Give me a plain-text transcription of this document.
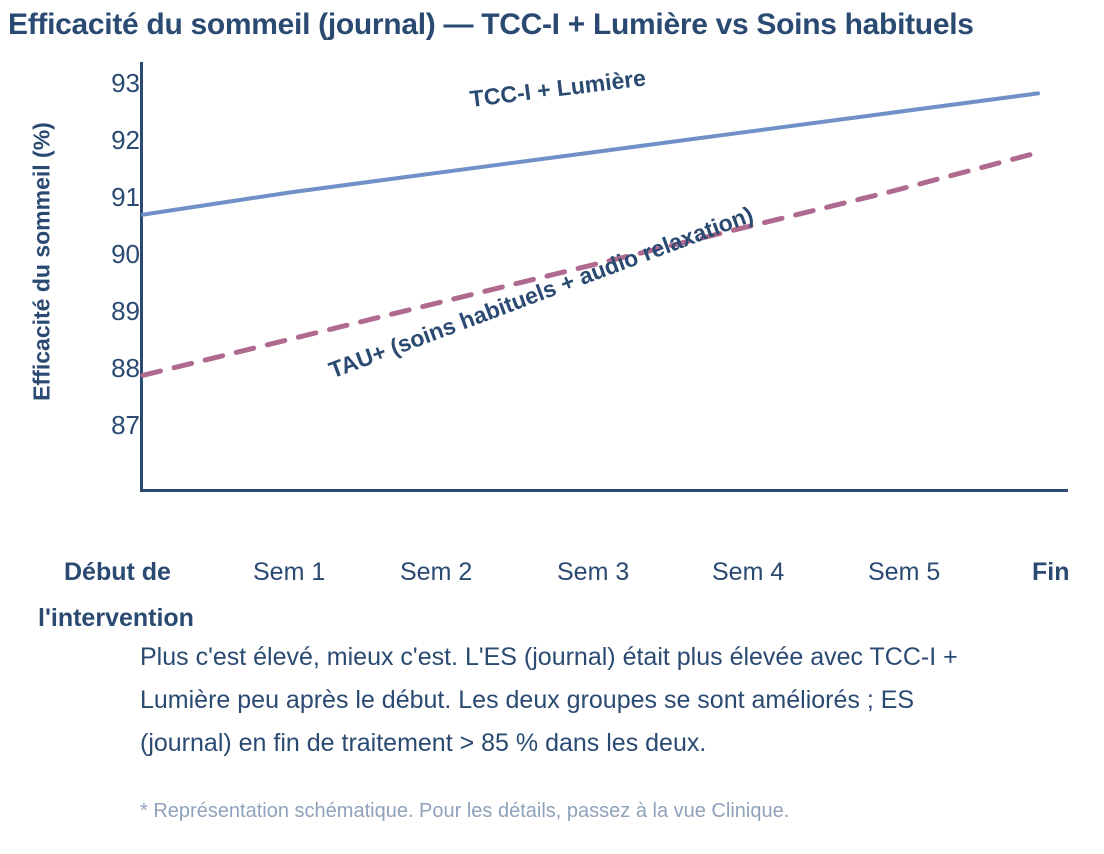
Efficacité du sommeil (journal) — TCC-I + Lumière vs Soins habituels
Efficacité du sommeil (%)
93
92
91
90
89
88
87
TCC-I + Lumière
TAU+ (soins habituels + audio relaxation)
Début de	Sem 1	Sem 2	Sem 3	Sem 4	Sem 5	Fin
l'intervention

Plus c'est élevé, mieux c'est. L'ES (journal) était plus élevée avec TCC-I + Lumière peu après le début. Les deux groupes se sont améliorés ; ES (journal) en fin de traitement > 85 % dans les deux.

* Représentation schématique. Pour les détails, passez à la vue Clinique.
